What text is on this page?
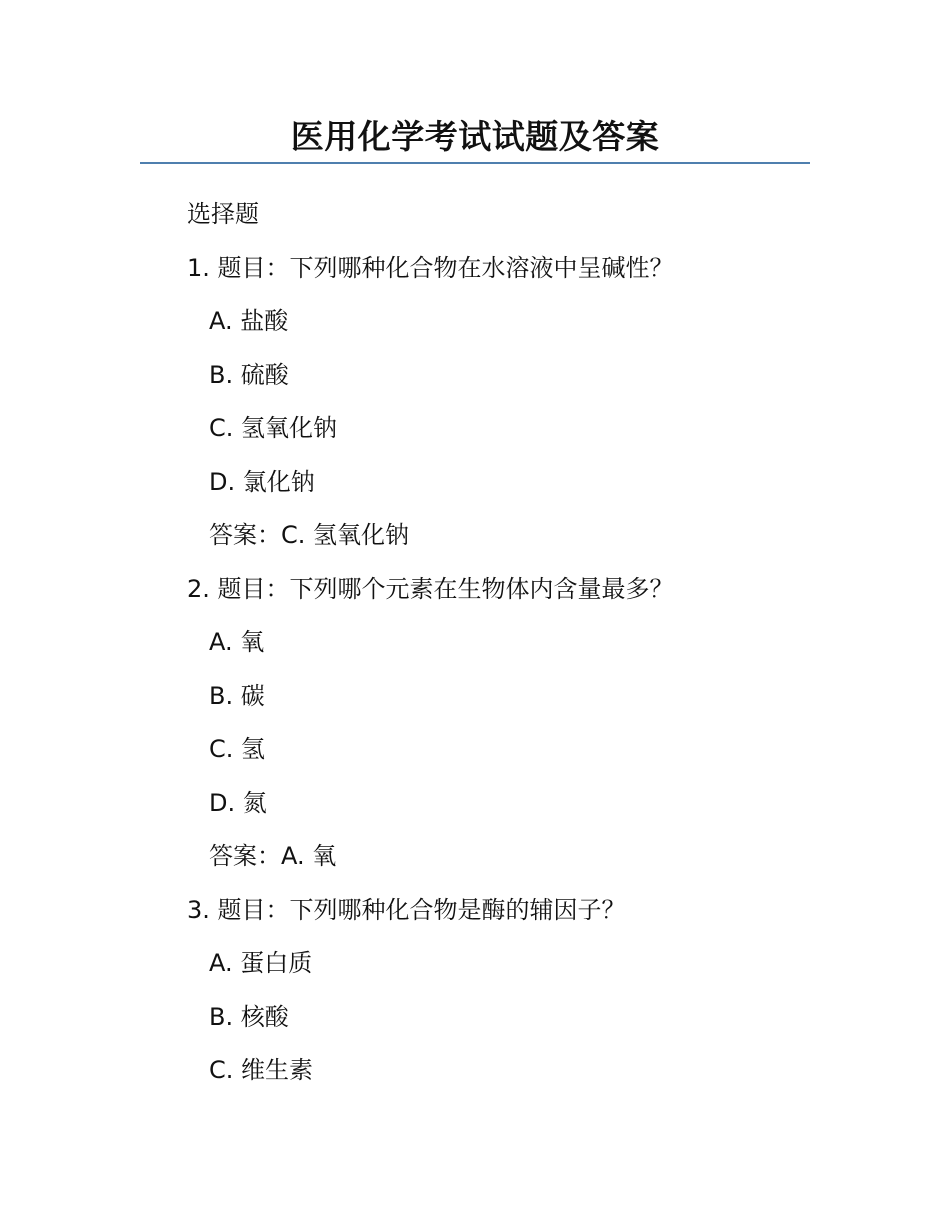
医用化学考试试题及答案
选择题
1. 题目：下列哪种化合物在水溶液中呈碱性？
A. 盐酸
B. 硫酸
C. 氢氧化钠
D. 氯化钠
答案：C. 氢氧化钠
2. 题目：下列哪个元素在生物体内含量最多？
A. 氧
B. 碳
C. 氢
D. 氮
答案：A. 氧
3. 题目：下列哪种化合物是酶的辅因子？
A. 蛋白质
B. 核酸
C. 维生素
